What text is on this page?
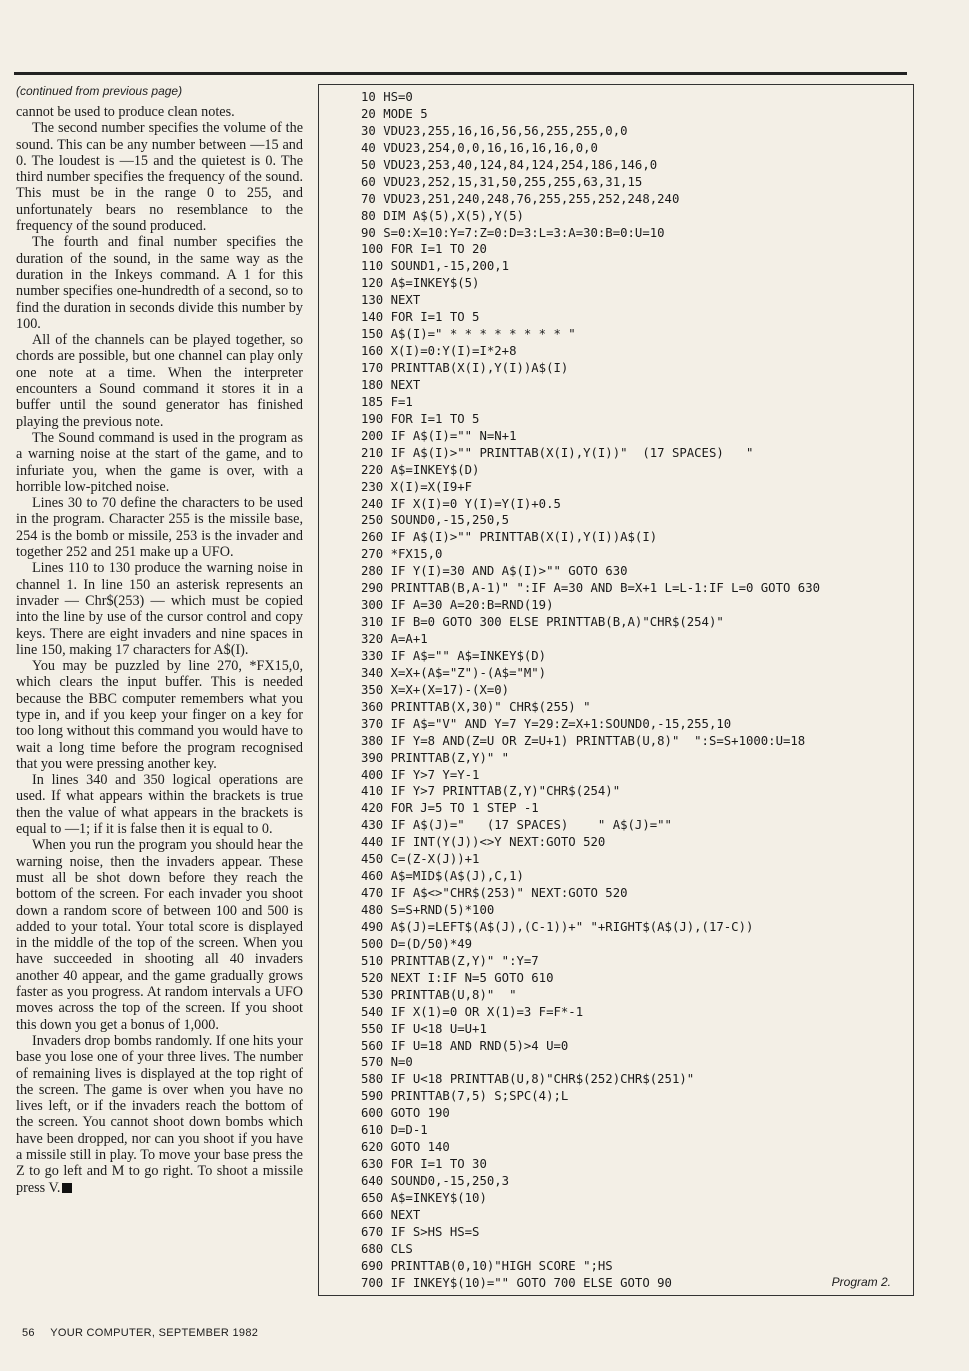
(continued from previous page)

cannot be used to produce clean notes.

The second number specifies the volume of the sound. This can be any number between —15 and 0. The loudest is —15 and the quietest is 0. The third number specifies the frequency of the sound. This must be in the range 0 to 255, and unfortunately bears no resemblance to the frequency of the sound produced.

The fourth and final number specifies the duration of the sound, in the same way as the duration in the Inkeys command. A 1 for this number specifies one-hundredth of a second, so to find the duration in seconds divide this number by 100.

All of the channels can be played together, so chords are possible, but one channel can play only one note at a time. When the interpreter encounters a Sound command it stores it in a buffer until the sound generator has finished playing the previous note.

The Sound command is used in the program as a warning noise at the start of the game, and to infuriate you, when the game is over, with a horrible low-pitched noise.

Lines 30 to 70 define the characters to be used in the program. Character 255 is the missile base, 254 is the bomb or missile, 253 is the invader and together 252 and 251 make up a UFO.

Lines 110 to 130 produce the warning noise in channel 1. In line 150 an asterisk represents an invader — Chr$(253) — which must be copied into the line by use of the cursor control and copy keys. There are eight invaders and nine spaces in line 150, making 17 characters for A$(I).

You may be puzzled by line 270, *FX15,0, which clears the input buffer. This is needed because the BBC computer remembers what you type in, and if you keep your finger on a key for too long without this command you would have to wait a long time before the program recognised that you were pressing another key.

In lines 340 and 350 logical operations are used. If what appears within the brackets is true then the value of what appears in the brackets is equal to —1; if it is false then it is equal to 0.

When you run the program you should hear the warning noise, then the invaders appear. These must all be shot down before they reach the bottom of the screen. For each invader you shoot down a random score of between 100 and 500 is added to your total. Your total score is displayed in the middle of the top of the screen. When you have succeeded in shooting all 40 invaders another 40 appear, and the game gradually grows faster as you progress. At random intervals a UFO moves across the top of the screen. If you shoot this down you get a bonus of 1,000.

Invaders drop bombs randomly. If one hits your base you lose one of your three lives. The number of remaining lives is displayed at the top right of the screen. The game is over when you have no lives left, or if the invaders reach the bottom of the screen. You cannot shoot down bombs which have been dropped, nor can you shoot if you have a missile still in play. To move your base press the Z to go left and M to go right. To shoot a missile press V.

10 HS=0
20 MODE 5
30 VDU23,255,16,16,56,56,255,255,0,0
40 VDU23,254,0,0,16,16,16,16,0,0
50 VDU23,253,40,124,84,124,254,186,146,0
60 VDU23,252,15,31,50,255,255,63,31,15
70 VDU23,251,240,248,76,255,255,252,248,240
80 DIM A$(5),X(5),Y(5)
90 S=0:X=10:Y=7:Z=0:D=3:L=3:A=30:B=0:U=10
100 FOR I=1 TO 20
110 SOUND1,-15,200,1
120 A$=INKEY$(5)
130 NEXT
140 FOR I=1 TO 5
150 A$(I)=" * * * * * * * * "
160 X(I)=0:Y(I)=I*2+8
170 PRINTTAB(X(I),Y(I))A$(I)
180 NEXT
185 F=1
190 FOR I=1 TO 5
200 IF A$(I)="" N=N+1
210 IF A$(I)>"" PRINTTAB(X(I),Y(I))"  (17 SPACES)   "
220 A$=INKEY$(D)
230 X(I)=X(I9+F
240 IF X(I)=0 Y(I)=Y(I)+0.5
250 SOUND0,-15,250,5
260 IF A$(I)>"" PRINTTAB(X(I),Y(I))A$(I)
270 *FX15,0
280 IF Y(I)=30 AND A$(I)>"" GOTO 630
290 PRINTTAB(B,A-1)" ":IF A=30 AND B=X+1 L=L-1:IF L=0 GOTO 630
300 IF A=30 A=20:B=RND(19)
310 IF B=0 GOTO 300 ELSE PRINTTAB(B,A)"CHR$(254)"
320 A=A+1
330 IF A$="" A$=INKEY$(D)
340 X=X+(A$="Z")-(A$="M")
350 X=X+(X=17)-(X=0)
360 PRINTTAB(X,30)" CHR$(255) "
370 IF A$="V" AND Y=7 Y=29:Z=X+1:SOUND0,-15,255,10
380 IF Y=8 AND(Z=U OR Z=U+1) PRINTTAB(U,8)"  ":S=S+1000:U=18
390 PRINTTAB(Z,Y)" "
400 IF Y>7 Y=Y-1
410 IF Y>7 PRINTTAB(Z,Y)"CHR$(254)"
420 FOR J=5 TO 1 STEP -1
430 IF A$(J)="   (17 SPACES)    " A$(J)=""
440 IF INT(Y(J))<>Y NEXT:GOTO 520
450 C=(Z-X(J))+1
460 A$=MID$(A$(J),C,1)
470 IF A$<>"CHR$(253)" NEXT:GOTO 520
480 S=S+RND(5)*100
490 A$(J)=LEFT$(A$(J),(C-1))+" "+RIGHT$(A$(J),(17-C))
500 D=(D/50)*49
510 PRINTTAB(Z,Y)" ":Y=7
520 NEXT I:IF N=5 GOTO 610
530 PRINTTAB(U,8)"  "
540 IF X(1)=0 OR X(1)=3 F=F*-1
550 IF U<18 U=U+1
560 IF U=18 AND RND(5)>4 U=0
570 N=0
580 IF U<18 PRINTTAB(U,8)"CHR$(252)CHR$(251)"
590 PRINTTAB(7,5) S;SPC(4);L
600 GOTO 190
610 D=D-1
620 GOTO 140
630 FOR I=1 TO 30
640 SOUND0,-15,250,3
650 A$=INKEY$(10)
660 NEXT
670 IF S>HS HS=S
680 CLS
690 PRINTTAB(0,10)"HIGH SCORE ";HS
700 IF INKEY$(10)="" GOTO 700 ELSE GOTO 90	Program 2.
56 YOUR COMPUTER, SEPTEMBER 1982
